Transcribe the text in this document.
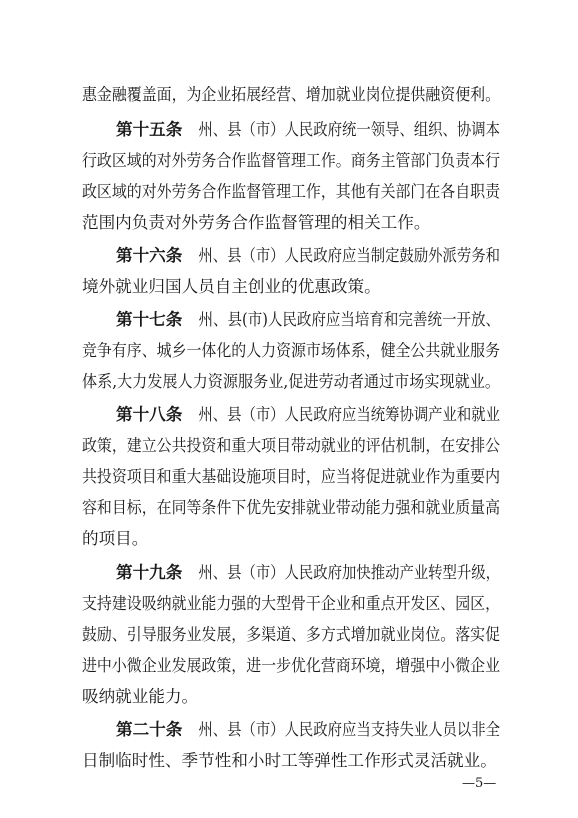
惠金融覆盖面，为企业拓展经营、增加就业岗位提供融资便利。
第十五条 　州、县（市）人民政府统一领导、组织、协调本
行政区域的对外劳务合作监督管理工作。商务主管部门负责本行
政区域的对外劳务合作监督管理工作，其他有关部门在各自职责
范围内负责对外劳务合作监督管理的相关工作。
第十六条 　州、县（市）人民政府应当制定鼓励外派劳务和
境外就业归国人员自主创业的优惠政策。
第十七条 　州、县(市)人民政府应当培育和完善统一开放、
竞争有序、城乡一体化的人力资源市场体系，健全公共就业服务
体系,大力发展人力资源服务业,促进劳动者通过市场实现就业。
第十八条 　州、县（市）人民政府应当统筹协调产业和就业
政策，建立公共投资和重大项目带动就业的评估机制，在安排公
共投资项目和重大基础设施项目时，应当将促进就业作为重要内
容和目标，在同等条件下优先安排就业带动能力强和就业质量高
的项目。
第十九条 　州、县（市）人民政府加快推动产业转型升级，
支持建设吸纳就业能力强的大型骨干企业和重点开发区、园区，
鼓励、引导服务业发展，多渠道、多方式增加就业岗位。落实促
进中小微企业发展政策，进一步优化营商环境，增强中小微企业
吸纳就业能力。
第二十条 　州、县（市）人民政府应当支持失业人员以非全
日制临时性、季节性和小时工等弹性工作形式灵活就业。
—5—
